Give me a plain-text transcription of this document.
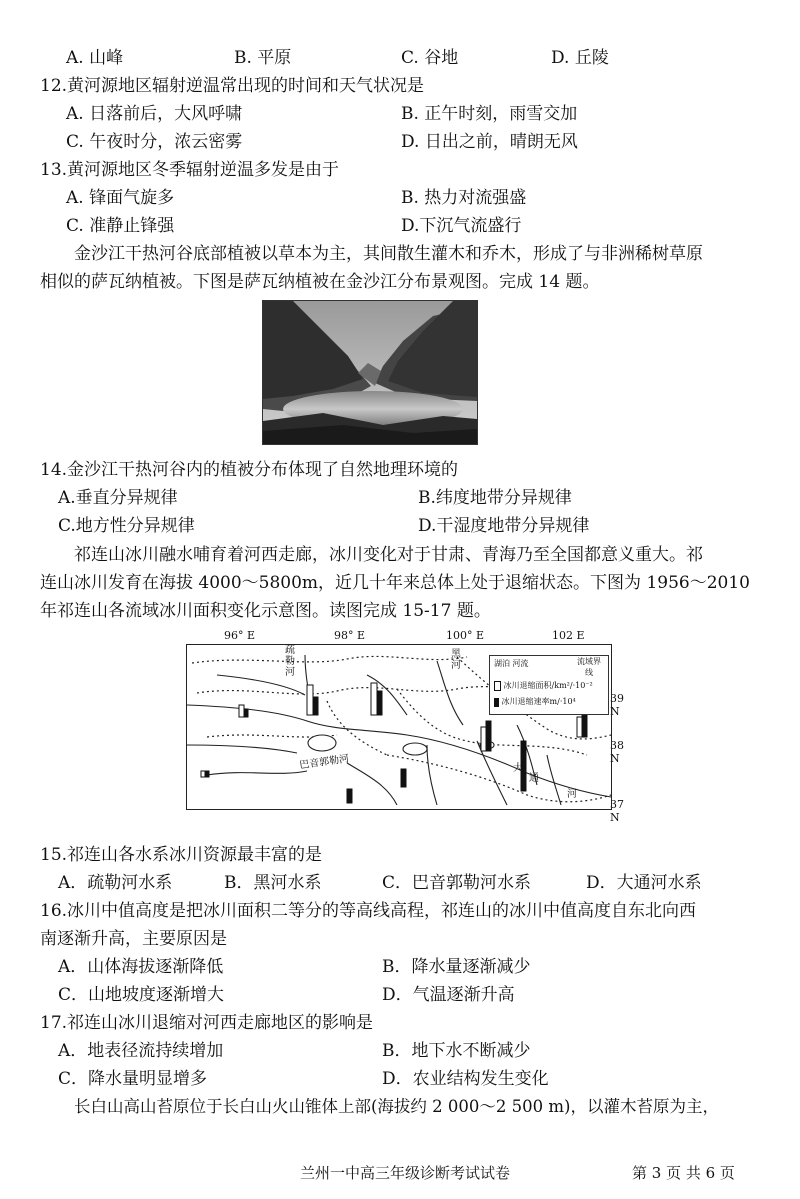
A. 山峰	B. 平原	C. 谷地	D. 丘陵
12.黄河源地区辐射逆温常出现的时间和天气状况是
A. 日落前后，大风呼啸	B. 正午时刻，雨雪交加
C. 午夜时分，浓云密雾	D. 日出之前，晴朗无风
13.黄河源地区冬季辐射逆温多发是由于
A. 锋面气旋多	B. 热力对流强盛
C. 准静止锋强	D.下沉气流盛行
金沙江干热河谷底部植被以草本为主，其间散生灌木和乔木，形成了与非洲稀树草原
相似的萨瓦纳植被。下图是萨瓦纳植被在金沙江分布景观图。完成 14 题。
14.金沙江干热河谷内的植被分布体现了自然地理环境的
A.垂直分异规律	B.纬度地带分异规律
C.地方性分异规律	D.干湿度地带分异规律
祁连山冰川融水哺育着河西走廊，冰川变化对于甘肃、青海乃至全国都意义重大。祁
连山冰川发育在海拔 4000～5800m，近几十年来总体上处于退缩状态。下图为 1956～2010
年祁连山各流域冰川面积变化示意图。读图完成 15-17 题。
96° E	98° E	100° E	102 E
39 N
38 N
37 N
疏勒河
黑河
巴音郭勒河	大
通
河
湖泊 河流	流域界线
冰川退缩面积/km²/·10⁻²
冰川退缩速率m/·10⁴
15.祁连山各水系冰川资源最丰富的是
A．疏勒河水系	B．黑河水系	C．巴音郭勒河水系	D．大通河水系
16.冰川中值高度是把冰川面积二等分的等高线高程，祁连山的冰川中值高度自东北向西
南逐渐升高，主要原因是
A．山体海拔逐渐降低	B．降水量逐渐减少
C．山地坡度逐渐增大	D．气温逐渐升高
17.祁连山冰川退缩对河西走廊地区的影响是
A．地表径流持续增加	B．地下水不断减少
C．降水量明显增多	D．农业结构发生变化
长白山高山苔原位于长白山火山锥体上部(海拔约 2 000～2 500 m)，以灌木苔原为主，
兰州一中高三年级诊断考试试卷	第 3 页 共 6 页
